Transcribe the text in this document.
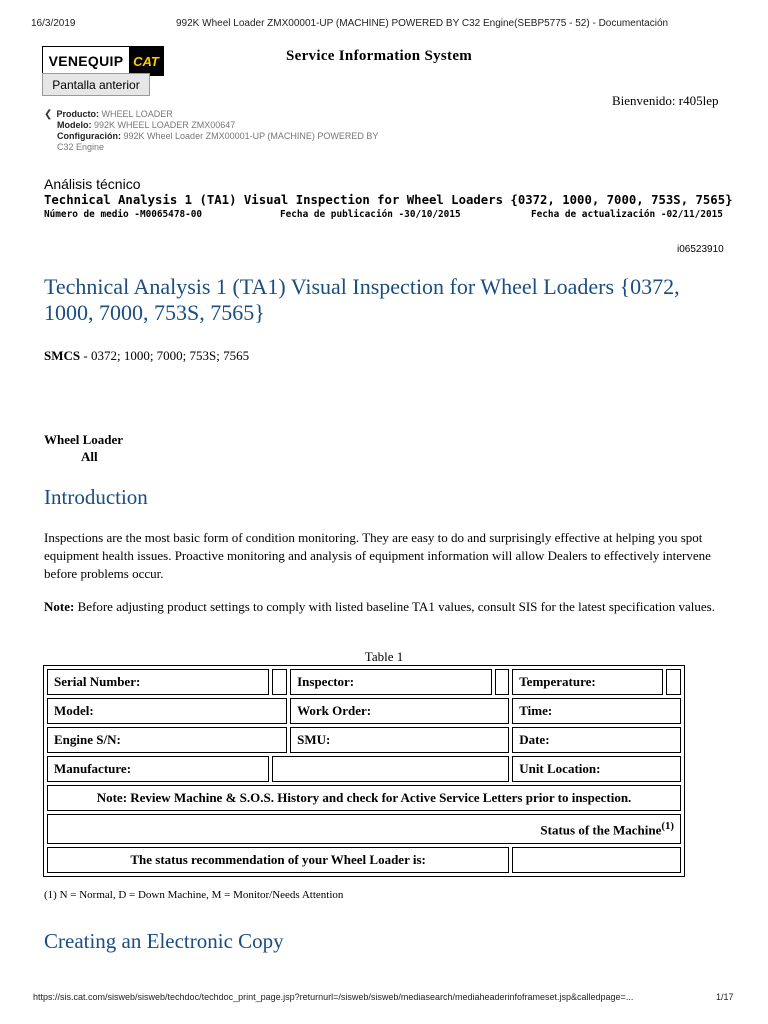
16/3/2019	992K Wheel Loader ZMX00001-UP (MACHINE) POWERED BY C32 Engine(SEBP5775 - 52) - Documentación
VENEQUIP CAT
Pantalla anterior
Service Information System
Bienvenido: r405lep
❮ Producto: WHEEL LOADER
Modelo: 992K WHEEL LOADER ZMX00647
Configuración: 992K Wheel Loader ZMX00001-UP (MACHINE) POWERED BY
C32 Engine
Análisis técnico
Technical Analysis 1 (TA1) Visual Inspection for Wheel Loaders {0372, 1000, 7000, 753S, 7565}
Número de medio -M0065478-00	Fecha de publicación -30/10/2015	Fecha de actualización -02/11/2015
i06523910
Technical Analysis 1 (TA1) Visual Inspection for Wheel Loaders {0372, 1000, 7000, 753S, 7565}
SMCS - 0372; 1000; 7000; 753S; 7565
Wheel Loader
All
Introduction
Inspections are the most basic form of condition monitoring. They are easy to do and surprisingly effective at helping you spot equipment health issues. Proactive monitoring and analysis of equipment information will allow Dealers to effectively intervene before problems occur.
Note: Before adjusting product settings to comply with listed baseline TA1 values, consult SIS for the latest specification values.
Table 1
Serial Number:		Inspector:		Temperature:	
Model:		Work Order:		Time:	
Engine S/N:		SMU:		Date:	
Manufacture:				Unit Location:	
Note: Review Machine & S.O.S. History and check for Active Service Letters prior to inspection.					
Status of the Machine$^{(1)}$
The status recommendation of your Wheel Loader is:					
(1) N = Normal, D = Down Machine, M = Monitor/Needs Attention
Creating an Electronic Copy
https://sis.cat.com/sisweb/sisweb/techdoc/techdoc_print_page.jsp?returnurl=/sisweb/sisweb/mediasearch/mediaheaderinfoframeset.jsp&calledpage=...	1/17
